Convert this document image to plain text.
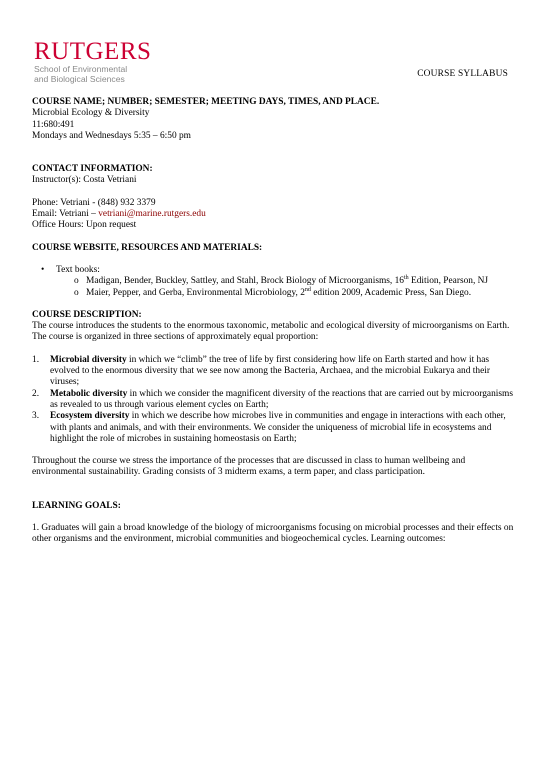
RUTGERS
School of Environmental
and Biological Sciences	COURSE SYLLABUS

COURSE NAME; NUMBER; SEMESTER; MEETING DAYS, TIMES, AND PLACE.

Microbial Ecology & Diversity

11:680:491

Mondays and Wednesdays 5:35 – 6:50 pm

CONTACT INFORMATION:

Instructor(s): Costa Vetriani

Phone: Vetriani - (848) 932 3379

Email: Vetriani – vetriani@marine.rutgers.edu

Office Hours: Upon request

COURSE WEBSITE, RESOURCES AND MATERIALS:

• Text books:
o Madigan, Bender, Buckley, Sattley, and Stahl, Brock Biology of Microorganisms, 16th Edition, Pearson, NJ
o Maier, Pepper, and Gerba, Environmental Microbiology, 2nd edition 2009, Academic Press, San Diego.

COURSE DESCRIPTION:

The course introduces the students to the enormous taxonomic, metabolic and ecological diversity of microorganisms on Earth. The course is organized in three sections of approximately equal proportion:

1. Microbial diversity in which we “climb” the tree of life by first considering how life on Earth started and how it has evolved to the enormous diversity that we see now among the Bacteria, Archaea, and the microbial Eukarya and their viruses;
2. Metabolic diversity in which we consider the magnificent diversity of the reactions that are carried out by microorganisms as revealed to us through various element cycles on Earth;
3. Ecosystem diversity in which we describe how microbes live in communities and engage in interactions with each other, with plants and animals, and with their environments. We consider the uniqueness of microbial life in ecosystems and highlight the role of microbes in sustaining homeostasis on Earth;

Throughout the course we stress the importance of the processes that are discussed in class to human wellbeing and environmental sustainability. Grading consists of 3 midterm exams, a term paper, and class participation.

LEARNING GOALS:

1. Graduates will gain a broad knowledge of the biology of microorganisms focusing on microbial processes and their effects on other organisms and the environment, microbial communities and biogeochemical cycles. Learning outcomes:
